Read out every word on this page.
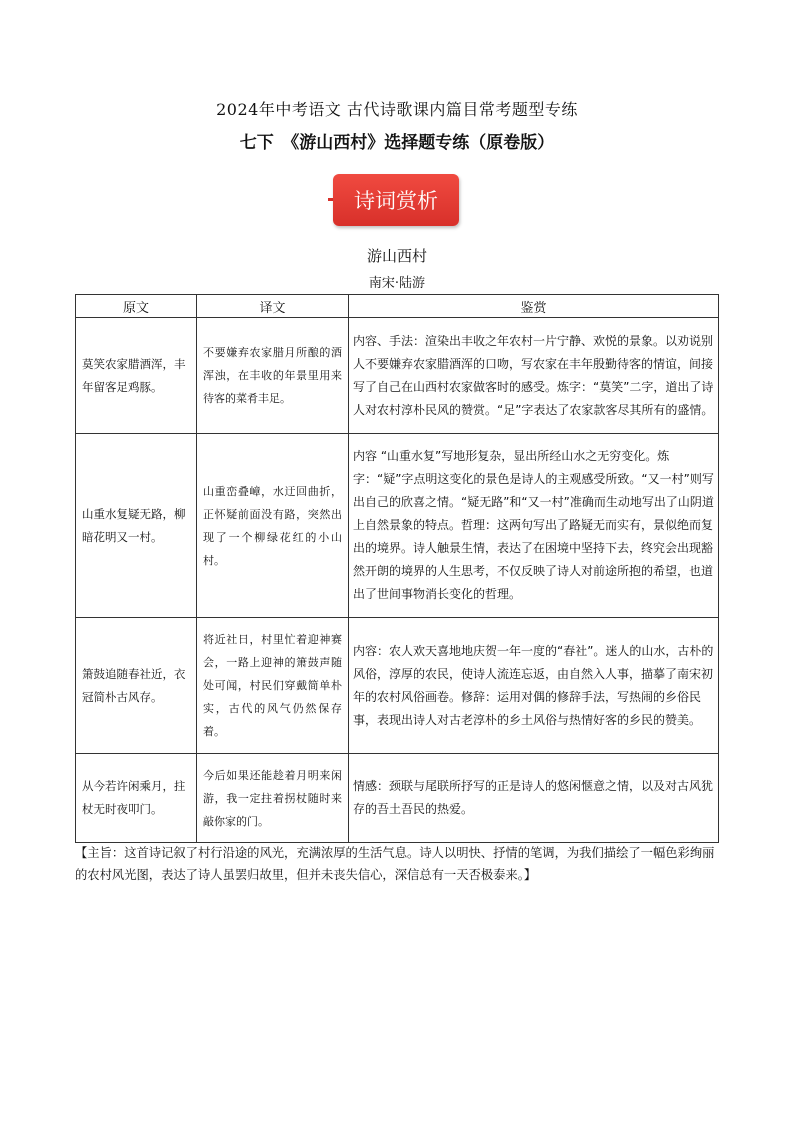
2024年中考语文 古代诗歌课内篇目常考题型专练
七下　《游山西村》选择题专练（原卷版）
诗词赏析
游山西村
南宋·陆游
原文	译文	鉴赏
莫笑农家腊酒浑，丰年留客足鸡豚。	不要嫌弃农家腊月所酿的酒浑浊，在丰收的年景里用来待客的菜肴丰足。	内容、手法：渲染出丰收之年农村一片宁静、欢悦的景象。以劝说别人不要嫌弃农家腊酒浑的口吻，写农家在丰年殷勤待客的情谊，间接写了自己在山西村农家做客时的感受。炼字：“莫笑”二字，道出了诗人对农村淳朴民风的赞赏。“足”字表达了农家款客尽其所有的盛情。
山重水复疑无路，柳暗花明又一村。	山重峦叠嶂，水迂回曲折，正怀疑前面没有路，突然出现了一个柳绿花红的小山村。	内容 “山重水复”写地形复杂，显出所经山水之无穷变化。炼字：“疑”字点明这变化的景色是诗人的主观感受所致。“又一村”则写出自己的欣喜之情。“疑无路”和“又一村”准确而生动地写出了山阴道上自然景象的特点。哲理：这两句写出了路疑无而实有，景似绝而复出的境界。诗人触景生情，表达了在困境中坚持下去，终究会出现豁然开朗的境界的人生思考，不仅反映了诗人对前途所抱的希望，也道出了世间事物消长变化的哲理。
箫鼓追随春社近，衣冠简朴古风存。	将近社日，村里忙着迎神赛会，一路上迎神的箫鼓声随处可闻，村民们穿戴简单朴实，古代的风气仍然保存着。	内容：农人欢天喜地地庆贺一年一度的“春社”。迷人的山水，古朴的风俗，淳厚的农民，使诗人流连忘返，由自然入人事，描摹了南宋初年的农村风俗画卷。修辞：运用对偶的修辞手法，写热闹的乡俗民事，表现出诗人对古老淳朴的乡土风俗与热情好客的乡民的赞美。
从今若许闲乘月，拄杖无时夜叩门。	今后如果还能趁着月明来闲游，我一定拄着拐杖随时来敲你家的门。	情感：颈联与尾联所抒写的正是诗人的悠闲惬意之情，以及对古风犹存的吾土吾民的热爱。
【主旨：这首诗记叙了村行沿途的风光，充满浓厚的生活气息。诗人以明快、抒情的笔调，为我们描绘了一幅色彩绚丽的农村风光图，表达了诗人虽罢归故里，但并未丧失信心，深信总有一天否极泰来。】
